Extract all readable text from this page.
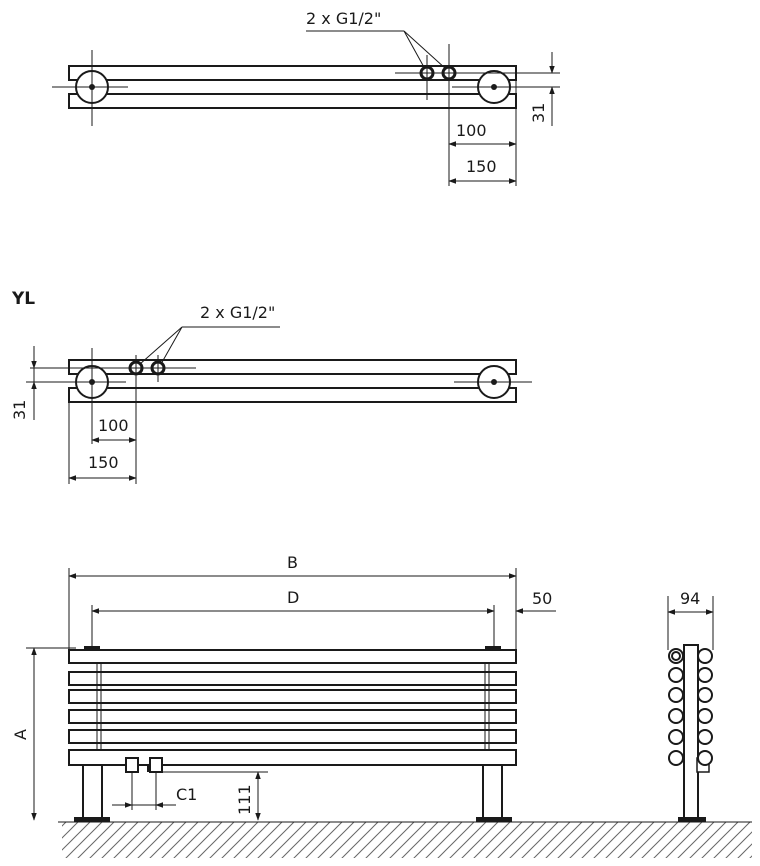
2 x G1/2"
31
100
150
YL
2 x G1/2"
31
100
150
B
D	50
C1 111
A
94
